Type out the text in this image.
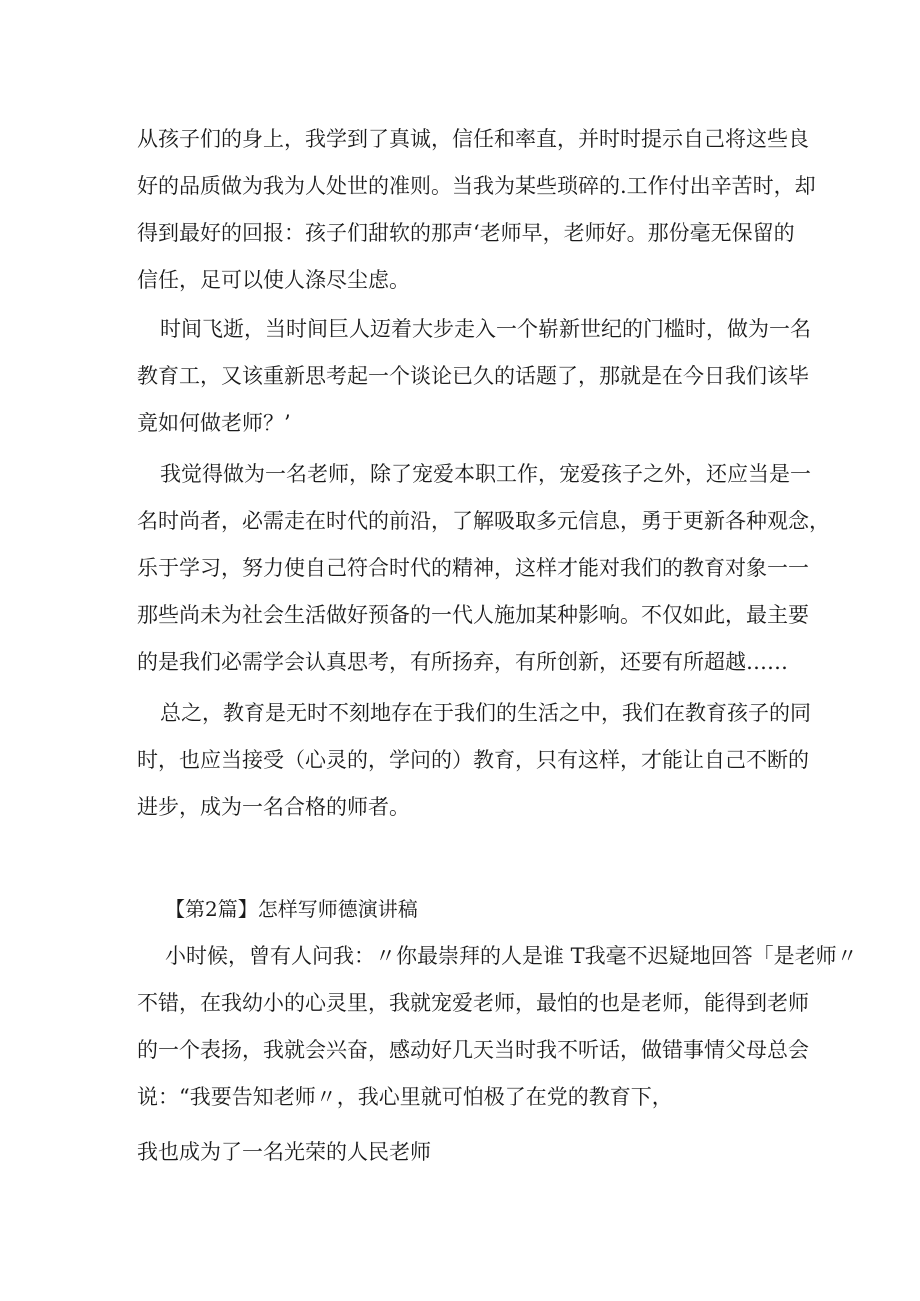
从孩子们的身上，我学到了真诚，信任和率直，并时时提示自己将这些良

好的品质做为我为人处世的准则。当我为某些琐碎的.工作付出辛苦时，却

得到最好的回报：孩子们甜软的那声‘老师早，老师好。那份毫无保留的

信任，足可以使人涤尽尘虑。

时间飞逝，当时间巨人迈着大步走入一个崭新世纪的门槛时，做为一名

教育工，又该重新思考起一个谈论已久的话题了，那就是在今日我们该毕

竟如何做老师？’

我觉得做为一名老师，除了宠爱本职工作，宠爱孩子之外，还应当是一

名时尚者，必需走在时代的前沿，了解吸取多元信息，勇于更新各种观念，

乐于学习，努力使自己符合时代的精神，这样才能对我们的教育对象一一

那些尚未为社会生活做好预备的一代人施加某种影响。不仅如此，最主要

的是我们必需学会认真思考，有所扬弃，有所创新，还要有所超越……

总之，教育是无时不刻地存在于我们的生活之中，我们在教育孩子的同

时，也应当接受（心灵的，学问的）教育，只有这样，才能让自己不断的

进步，成为一名合格的师者。

【第2篇】怎样写师德演讲稿

小时候，曾有人问我：〃你最崇拜的人是谁 T我毫不迟疑地回答「是老师〃

不错，在我幼小的心灵里，我就宠爱老师，最怕的也是老师，能得到老师

的一个表扬，我就会兴奋，感动好几天当时我不听话，做错事情父母总会

说：“我要告知老师〃，我心里就可怕极了在党的教育下，

我也成为了一名光荣的人民老师
